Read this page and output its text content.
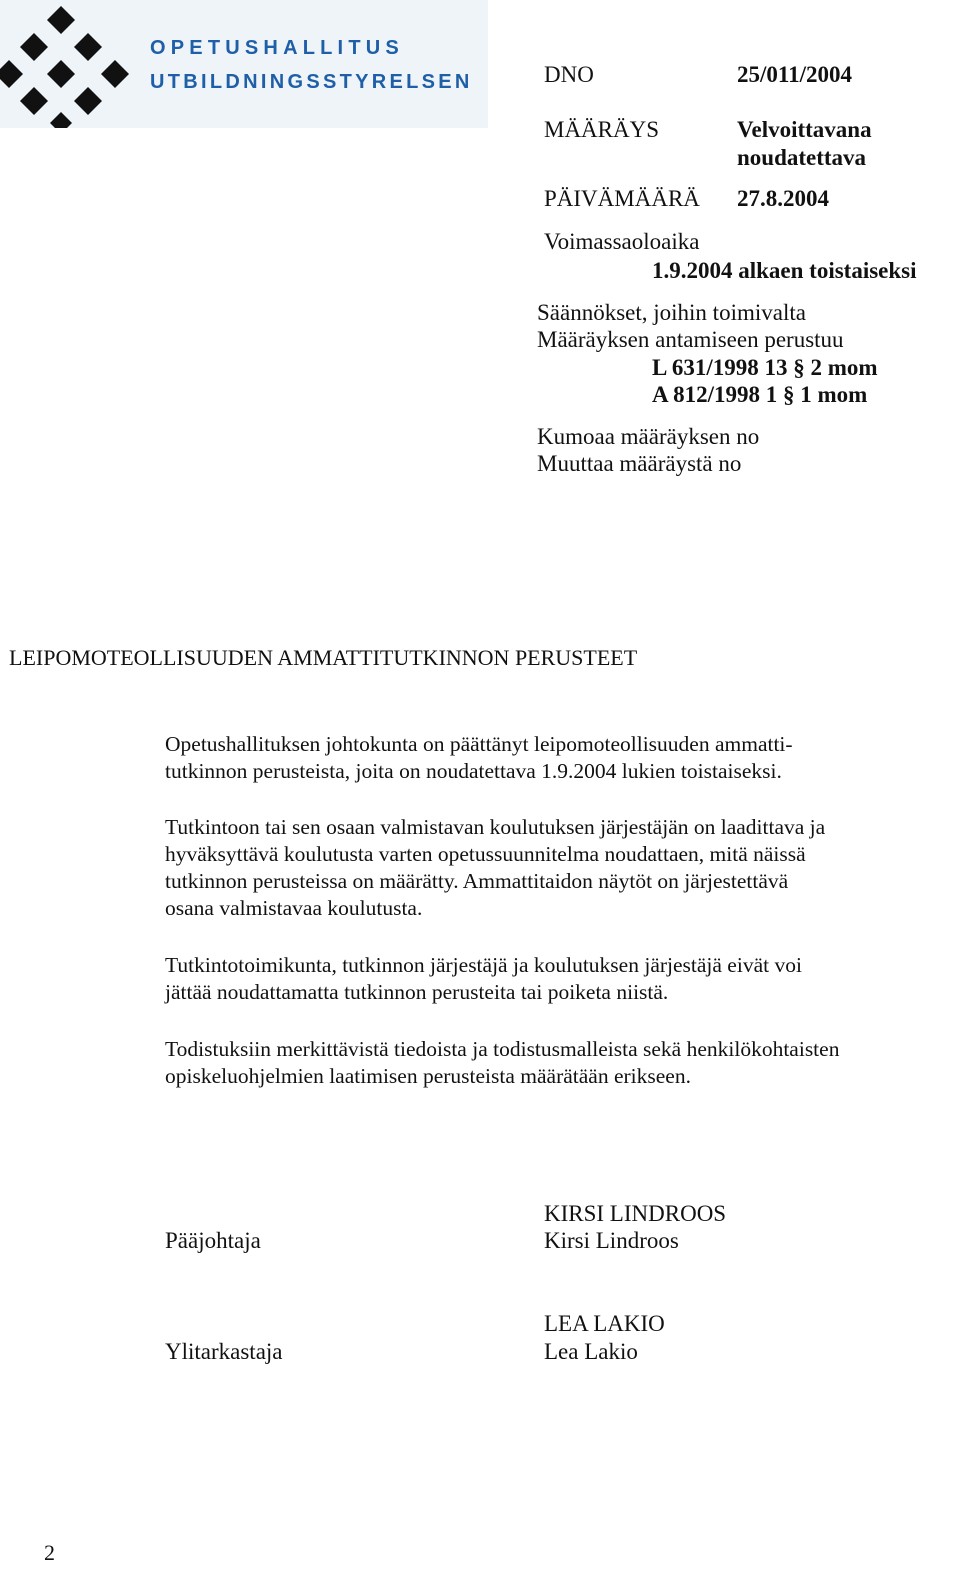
OPETUSHALLITUS
UTBILDNINGSSTYRELSEN	DNO	25/011/2004
MÄÄRÄYS	Velvoittavana
noudatettava
PÄIVÄMÄÄRÄ 27.8.2004
Voimassaoloaika
1.9.2004 alkaen toistaiseksi
Säännökset, joihin toimivalta
Määräyksen antamiseen perustuu
L 631/1998 13 § 2 mom
A 812/1998 1 § 1 mom
Kumoaa määräyksen no
Muuttaa määräystä no
LEIPOMOTEOLLISUUDEN AMMATTITUTKINNON PERUSTEET
Opetushallituksen johtokunta on päättänyt leipomoteollisuuden ammatti-
tutkinnon perusteista, joita on noudatettava 1.9.2004 lukien toistaiseksi.
Tutkintoon tai sen osaan valmistavan koulutuksen järjestäjän on laadittava ja
hyväksyttävä koulutusta varten opetussuunnitelma noudattaen, mitä näissä
tutkinnon perusteissa on määrätty. Ammattitaidon näytöt on järjestettävä
osana valmistavaa koulutusta.
Tutkintotoimikunta, tutkinnon järjestäjä ja koulutuksen järjestäjä eivät voi
jättää noudattamatta tutkinnon perusteita tai poiketa niistä.
Todistuksiin merkittävistä tiedoista ja todistusmalleista sekä henkilökohtaisten
opiskeluohjelmien laatimisen perusteista määrätään erikseen.
KIRSI LINDROOS
Pääjohtaja	Kirsi Lindroos
LEA LAKIO
Ylitarkastaja	Lea Lakio
2
